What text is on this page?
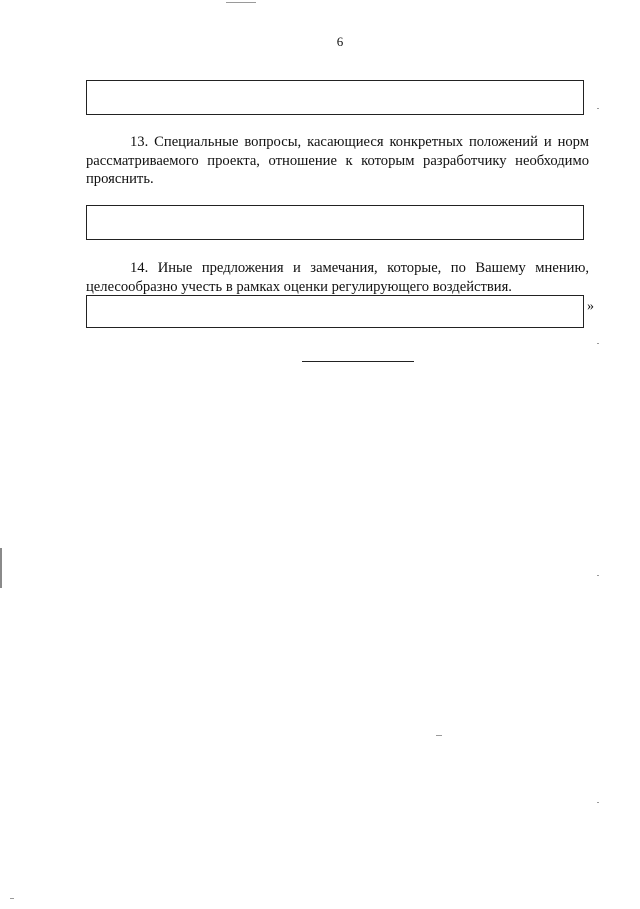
6

13. Специальные вопросы, касающиеся конкретных положений и норм
рассматриваемого проекта, отношение к которым разработчику необходимо
прояснить.

14. Иные предложения и замечания, которые, по Вашему мнению,
целесообразно учесть в рамках оценки регулирующего воздействия.

»
